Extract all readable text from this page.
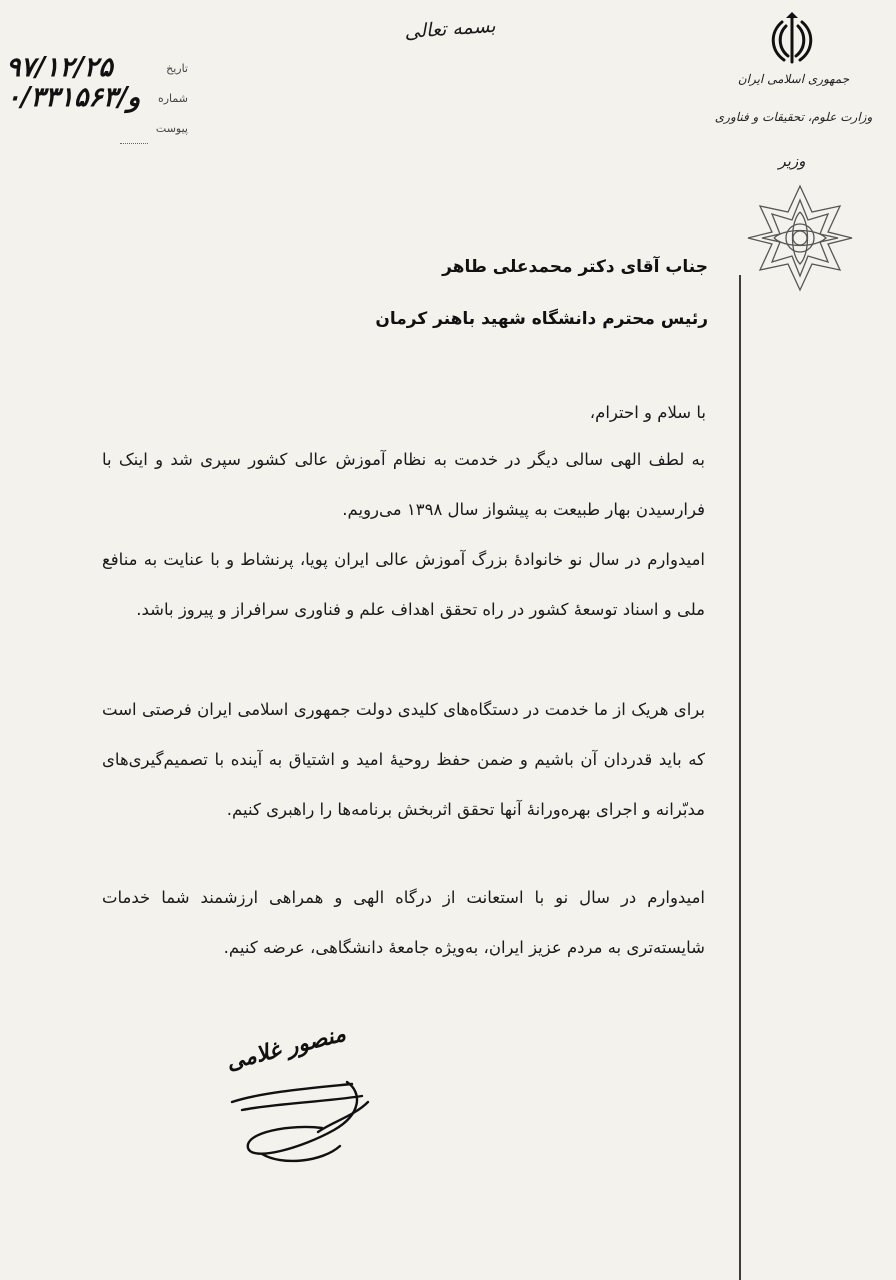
بسمه تعالی
۹۷/۱۲/۲۵	تاریخ
۰/۳۳۱۵۶۳/و شماره
پیوست
جمهوری اسلامی ایران
وزارت علوم، تحقیقات و فناوری
وزیر
جناب آقای دکتر محمدعلی طاهر
رئیس محترم دانشگاه شهید باهنر کرمان
با سلام و احترام،
به لطف الهی سالی دیگر در خدمت به نظام آموزش عالی کشور سپری شد و اینک با فرارسیدن بهار طبیعت به پیشواز سال ۱۳۹۸ می‌رویم.
امیدوارم در سال نو خانوادۀ بزرگ آموزش عالی ایران پویا، پرنشاط و با عنایت به منافع ملی و اسناد توسعۀ کشور در راه تحقق اهداف علم و فناوری سرافراز و پیروز باشد.
برای هریک از ما خدمت در دستگاه‌های کلیدی دولت جمهوری اسلامی ایران فرصتی است که باید قدردان آن باشیم و ضمن حفظ روحیۀ امید و اشتیاق به آینده با تصمیم‌گیری‌های مدبّرانه و اجرای بهره‌ورانۀ آنها تحقق اثربخش برنامه‌ها را راهبری کنیم.
امیدوارم در سال نو با استعانت از درگاه الهی و همراهی ارزشمند شما خدمات شایسته‌تری به مردم عزیز ایران، به‌ویژه جامعۀ دانشگاهی، عرضه کنیم.
منصور غلامی
